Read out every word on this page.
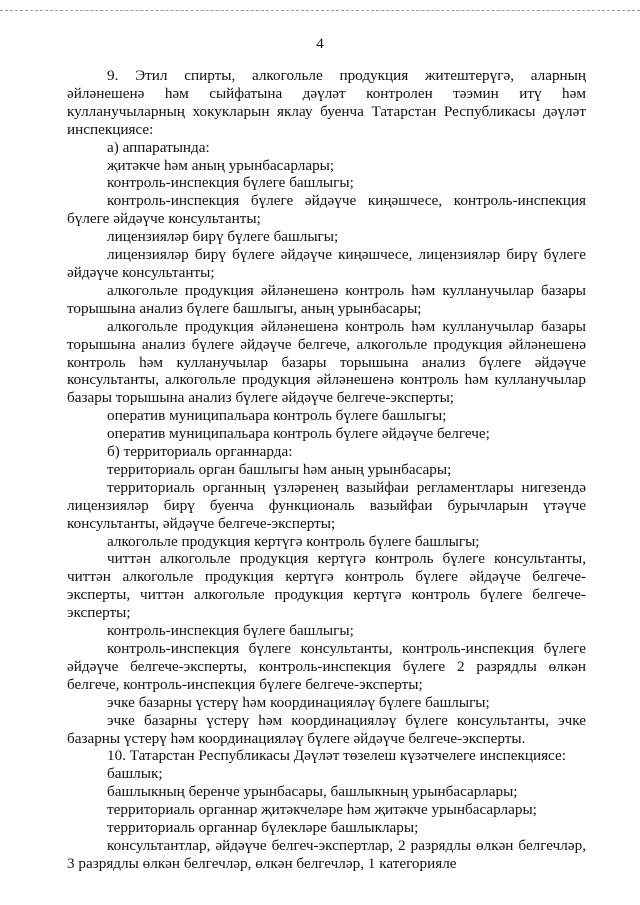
4

9. Этил спирты, алкогольле продукция житештерүгә, аларның әйләнешенә һәм сыйфатына дәүләт контролен тәэмин итү һәм кулланучыларның хокукларын яклау буенча Татарстан Республикасы дәүләт инспекциясе:

а) аппаратында:

җитәкче һәм аның урынбасарлары;

контроль-инспекция бүлеге башлыгы;

контроль-инспекция бүлеге әйдәүче киңәшчесе, контроль-инспекция бүлеге әйдәүче консультанты;

лицензияләр бирү бүлеге башлыгы;

лицензияләр бирү бүлеге әйдәүче киңәшчесе, лицензияләр бирү бүлеге әйдәүче консультанты;

алкогольле продукция әйләнешенә контроль һәм кулланучылар базары торышына анализ бүлеге башлыгы, аның урынбасары;

алкогольле продукция әйләнешенә контроль һәм кулланучылар базары торышына анализ бүлеге әйдәүче белгече, алкогольле продукция әйләнешенә контроль һәм кулланучылар базары торышына анализ бүлеге әйдәүче консультанты, алкогольле продукция әйләнешенә контроль һәм кулланучылар базары торышына анализ бүлеге әйдәүче белгече-эксперты;

оператив муниципальара контроль бүлеге башлыгы;

оператив муниципальара контроль бүлеге әйдәүче белгече;

б) территориаль органнарда:

территориаль орган башлыгы һәм аның урынбасары;

территориаль органның үзләренең вазыйфаи регламентлары нигезендә лицензияләр бирү буенча функциональ вазыйфаи бурычларын үтәүче консультанты, әйдәүче белгече-эксперты;

алкогольле продукция кертүгә контроль бүлеге башлыгы;

читтән алкогольле продукция кертүгә контроль бүлеге консультанты, читтән алкогольле продукция кертүгә контроль бүлеге әйдәүче белгече-эксперты, читтән алкогольле продукция кертүгә контроль бүлеге белгече-эксперты;

контроль-инспекция бүлеге башлыгы;

контроль-инспекция бүлеге консультанты, контроль-инспекция бүлеге әйдәүче белгече-эксперты, контроль-инспекция бүлеге 2 разрядлы өлкән белгече, контроль-инспекция бүлеге белгече-эксперты;

эчке базарны үстерү һәм координацияләү бүлеге башлыгы;

эчке базарны үстерү һәм координацияләү бүлеге консультанты, эчке базарны үстерү һәм координацияләү бүлеге әйдәүче белгече-эксперты.

10. Татарстан Республикасы Дәүләт төзелеш күзәтчелеге инспекциясе:

башлык;

башлыкның беренче урынбасары, башлыкның урынбасарлары;

территориаль органнар җитәкчеләре һәм җитәкче урынбасарлары;

территориаль органнар бүлекләре башлыклары;

консультантлар, әйдәүче белгеч-экспертлар, 2 разрядлы өлкән белгечләр, 3 разрядлы өлкән белгечләр, өлкән белгечләр, 1 категорияле
